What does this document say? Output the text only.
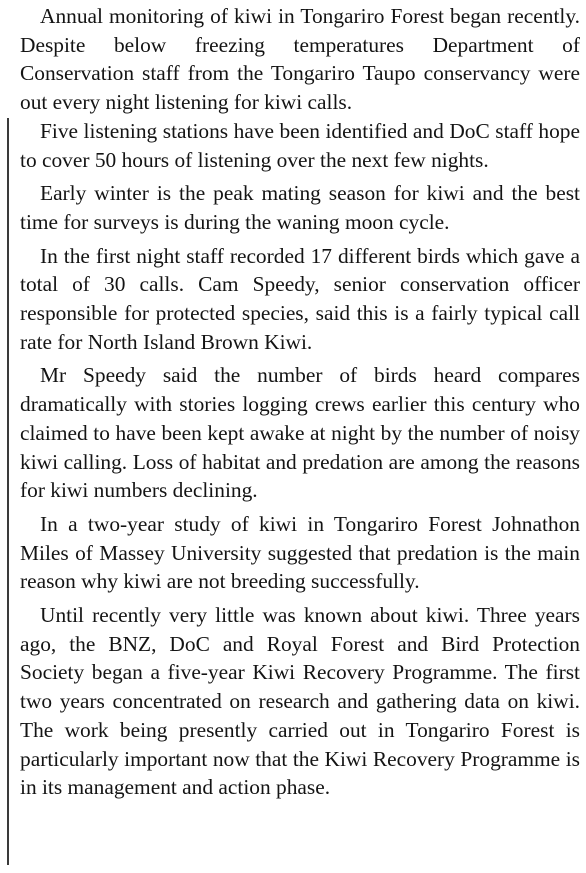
Annual monitoring of kiwi in Tongariro Forest began recently. Despite below freezing temperatures Department of Conservation staff from the Tongariro Taupo conservancy were out every night listening for kiwi calls.

Five listening stations have been identified and DoC staff hope to cover 50 hours of listening over the next few nights.

Early winter is the peak mating season for kiwi and the best time for surveys is during the waning moon cycle.

In the first night staff recorded 17 different birds which gave a total of 30 calls. Cam Speedy, senior conservation officer responsible for protected species, said this is a fairly typical call rate for North Island Brown Kiwi.

Mr Speedy said the number of birds heard compares dramatically with stories logging crews earlier this century who claimed to have been kept awake at night by the number of noisy kiwi calling. Loss of habitat and predation are among the reasons for kiwi numbers declining.

In a two-year study of kiwi in Tongariro Forest Johnathon Miles of Massey University suggested that predation is the main reason why kiwi are not breeding successfully.

Until recently very little was known about kiwi. Three years ago, the BNZ, DoC and Royal Forest and Bird Protection Society began a five-year Kiwi Recovery Programme. The first two years concentrated on research and gathering data on kiwi. The work being presently carried out in Tongariro Forest is particularly important now that the Kiwi Recovery Programme is in its management and action phase.
